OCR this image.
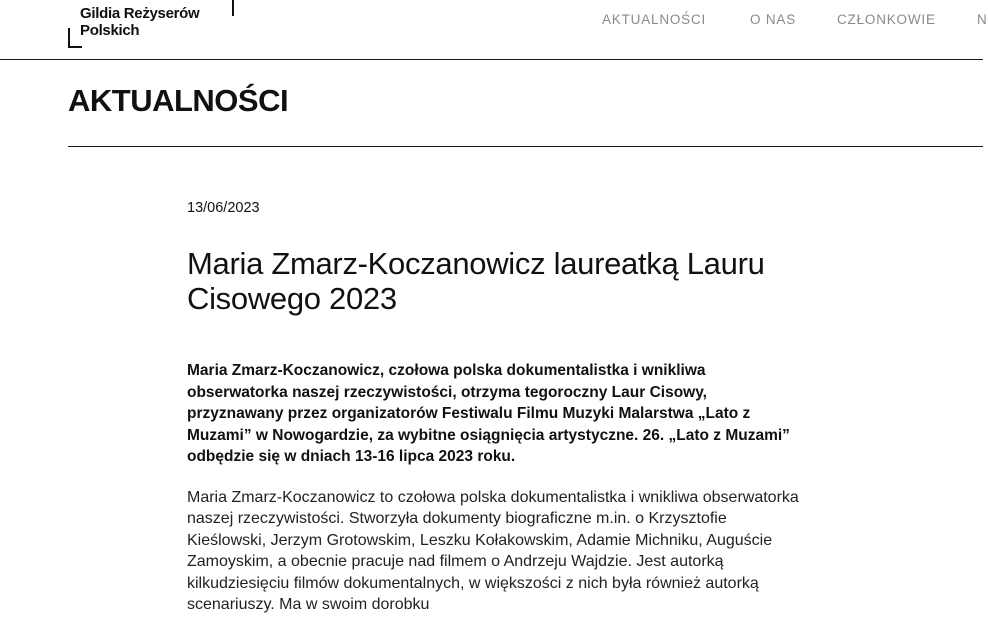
Gildia Reżyserów
Polskich
AKTUALNOŚCI	O NAS	CZŁONKOWIE	N
AKTUALNOŚCI

13/06/2023

Maria Zmarz-Koczanowicz laureatką Lauru Cisowego 2023

Maria Zmarz-Koczanowicz, czołowa polska dokumentalistka i wnikliwa obserwatorka naszej rzeczywistości, otrzyma tegoroczny Laur Cisowy, przyznawany przez organizatorów Festiwalu Filmu Muzyki Malarstwa „Lato z Muzami” w Nowogardzie, za wybitne osiągnięcia artystyczne. 26. „Lato z Muzami” odbędzie się w dniach 13-16 lipca 2023 roku.

Maria Zmarz-Koczanowicz to czołowa polska dokumentalistka i wnikliwa obserwatorka naszej rzeczywistości. Stworzyła dokumenty biograficzne m.in. o Krzysztofie Kieślowski, Jerzym Grotowskim, Leszku Kołakowskim, Adamie Michniku, Auguście Zamoyskim, a obecnie pracuje nad filmem o Andrzeju Wajdzie. Jest autorką kilkudziesięciu filmów dokumentalnych, w większości z nich była również autorką scenariuszy. Ma w swoim dorobku
